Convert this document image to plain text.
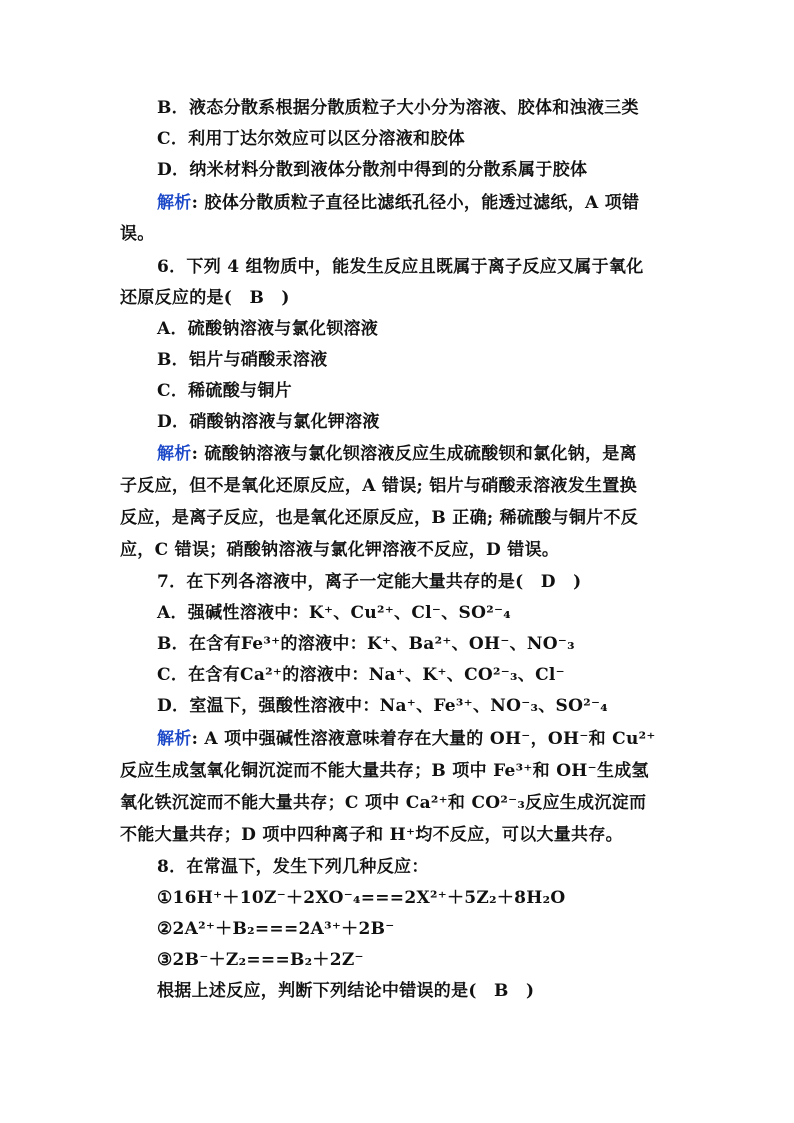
B．液态分散系根据分散质粒子大小分为溶液、胶体和浊液三类
C．利用丁达尔效应可以区分溶液和胶体
D．纳米材料分散到液体分散剂中得到的分散系属于胶体
解析: 胶体分散质粒子直径比滤纸孔径小，能透过滤纸，A 项错
误。
6．下列 4 组物质中，能发生反应且既属于离子反应又属于氧化
还原反应的是(　B　)
A．硫酸钠溶液与氯化钡溶液
B．铝片与硝酸汞溶液
C．稀硫酸与铜片
D．硝酸钠溶液与氯化钾溶液
解析: 硫酸钠溶液与氯化钡溶液反应生成硫酸钡和氯化钠，是离
子反应，但不是氧化还原反应，A 错误; 铝片与硝酸汞溶液发生置换
反应，是离子反应，也是氧化还原反应，B 正确; 稀硫酸与铜片不反
应，C 错误；硝酸钠溶液与氯化钾溶液不反应，D 错误。
7．在下列各溶液中，离子一定能大量共存的是(　D　)
A．强碱性溶液中：K⁺、Cu²⁺、Cl⁻、SO²⁻₄
B．在含有Fe³⁺的溶液中：K⁺、Ba²⁺、OH⁻、NO⁻₃
C．在含有Ca²⁺的溶液中：Na⁺、K⁺、CO²⁻₃、Cl⁻
D．室温下，强酸性溶液中：Na⁺、Fe³⁺、NO⁻₃、SO²⁻₄
解析: A 项中强碱性溶液意味着存在大量的 OH⁻，OH⁻和 Cu²⁺
反应生成氢氧化铜沉淀而不能大量共存；B 项中 Fe³⁺和 OH⁻生成氢
氧化铁沉淀而不能大量共存；C 项中 Ca²⁺和 CO²⁻₃反应生成沉淀而
不能大量共存；D 项中四种离子和 H⁺均不反应，可以大量共存。
8．在常温下，发生下列几种反应：
①16H⁺＋10Z⁻＋2XO⁻₄===2X²⁺＋5Z₂＋8H₂O
②2A²⁺＋B₂===2A³⁺＋2B⁻
③2B⁻＋Z₂===B₂＋2Z⁻
根据上述反应，判断下列结论中错误的是(　B　)
